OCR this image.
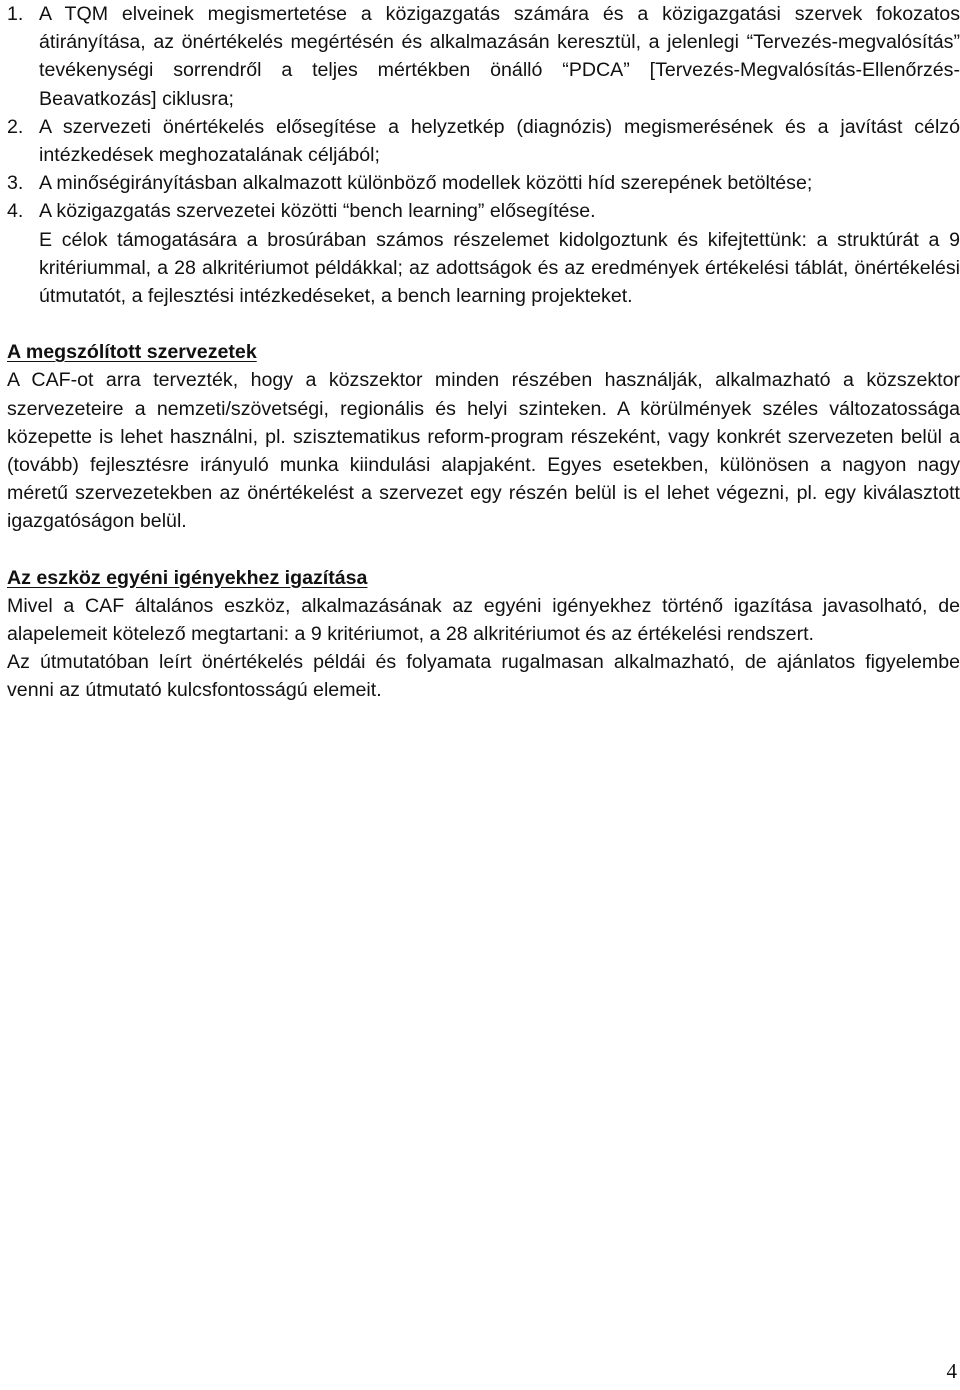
1. A TQM elveinek megismertetése a közigazgatás számára és a közigazgatási szervek fokozatos átirányítása, az önértékelés megértésén és alkalmazásán keresztül, a jelenlegi “Tervezés-megvalósítás” tevékenységi sorrendről a teljes mértékben önálló “PDCA” [Tervezés-Megvalósítás-Ellenőrzés-Beavatkozás] ciklusra;
2. A szervezeti önértékelés elősegítése a helyzetkép (diagnózis) megismerésének és a javítást célzó intézkedések meghozatalának céljából;
3. A minőségirányításban alkalmazott különböző modellek közötti híd szerepének betöltése;
4. A közigazgatás szervezetei közötti “bench learning” elősegítése.

E célok támogatására a brosúrában számos részelemet kidolgoztunk és kifejtettünk: a struktúrát a 9 kritériummal, a 28 alkritériumot példákkal; az adottságok és az eredmények értékelési táblát, önértékelési útmutatót, a fejlesztési intézkedéseket, a bench learning projekteket.

A megszólított szervezetek

A CAF-ot arra tervezték, hogy a közszektor minden részében használják, alkalmazható a közszektor szervezeteire a nemzeti/szövetségi, regionális és helyi szinteken. A körülmények széles változatossága közepette is lehet használni, pl. szisztematikus reform-program részeként, vagy konkrét szervezeten belül a (tovább) fejlesztésre irányuló munka kiindulási alapjaként. Egyes esetekben, különösen a nagyon nagy méretű szervezetekben az önértékelést a szervezet egy részén belül is el lehet végezni, pl. egy kiválasztott igazgatóságon belül.

Az eszköz egyéni igényekhez igazítása

Mivel a CAF általános eszköz, alkalmazásának az egyéni igényekhez történő igazítása javasolható, de alapelemeit kötelező megtartani: a 9 kritériumot, a 28 alkritériumot és az értékelési rendszert.

Az útmutatóban leírt önértékelés példái és folyamata rugalmasan alkalmazható, de ajánlatos figyelembe venni az útmutató kulcsfontosságú elemeit.

4
